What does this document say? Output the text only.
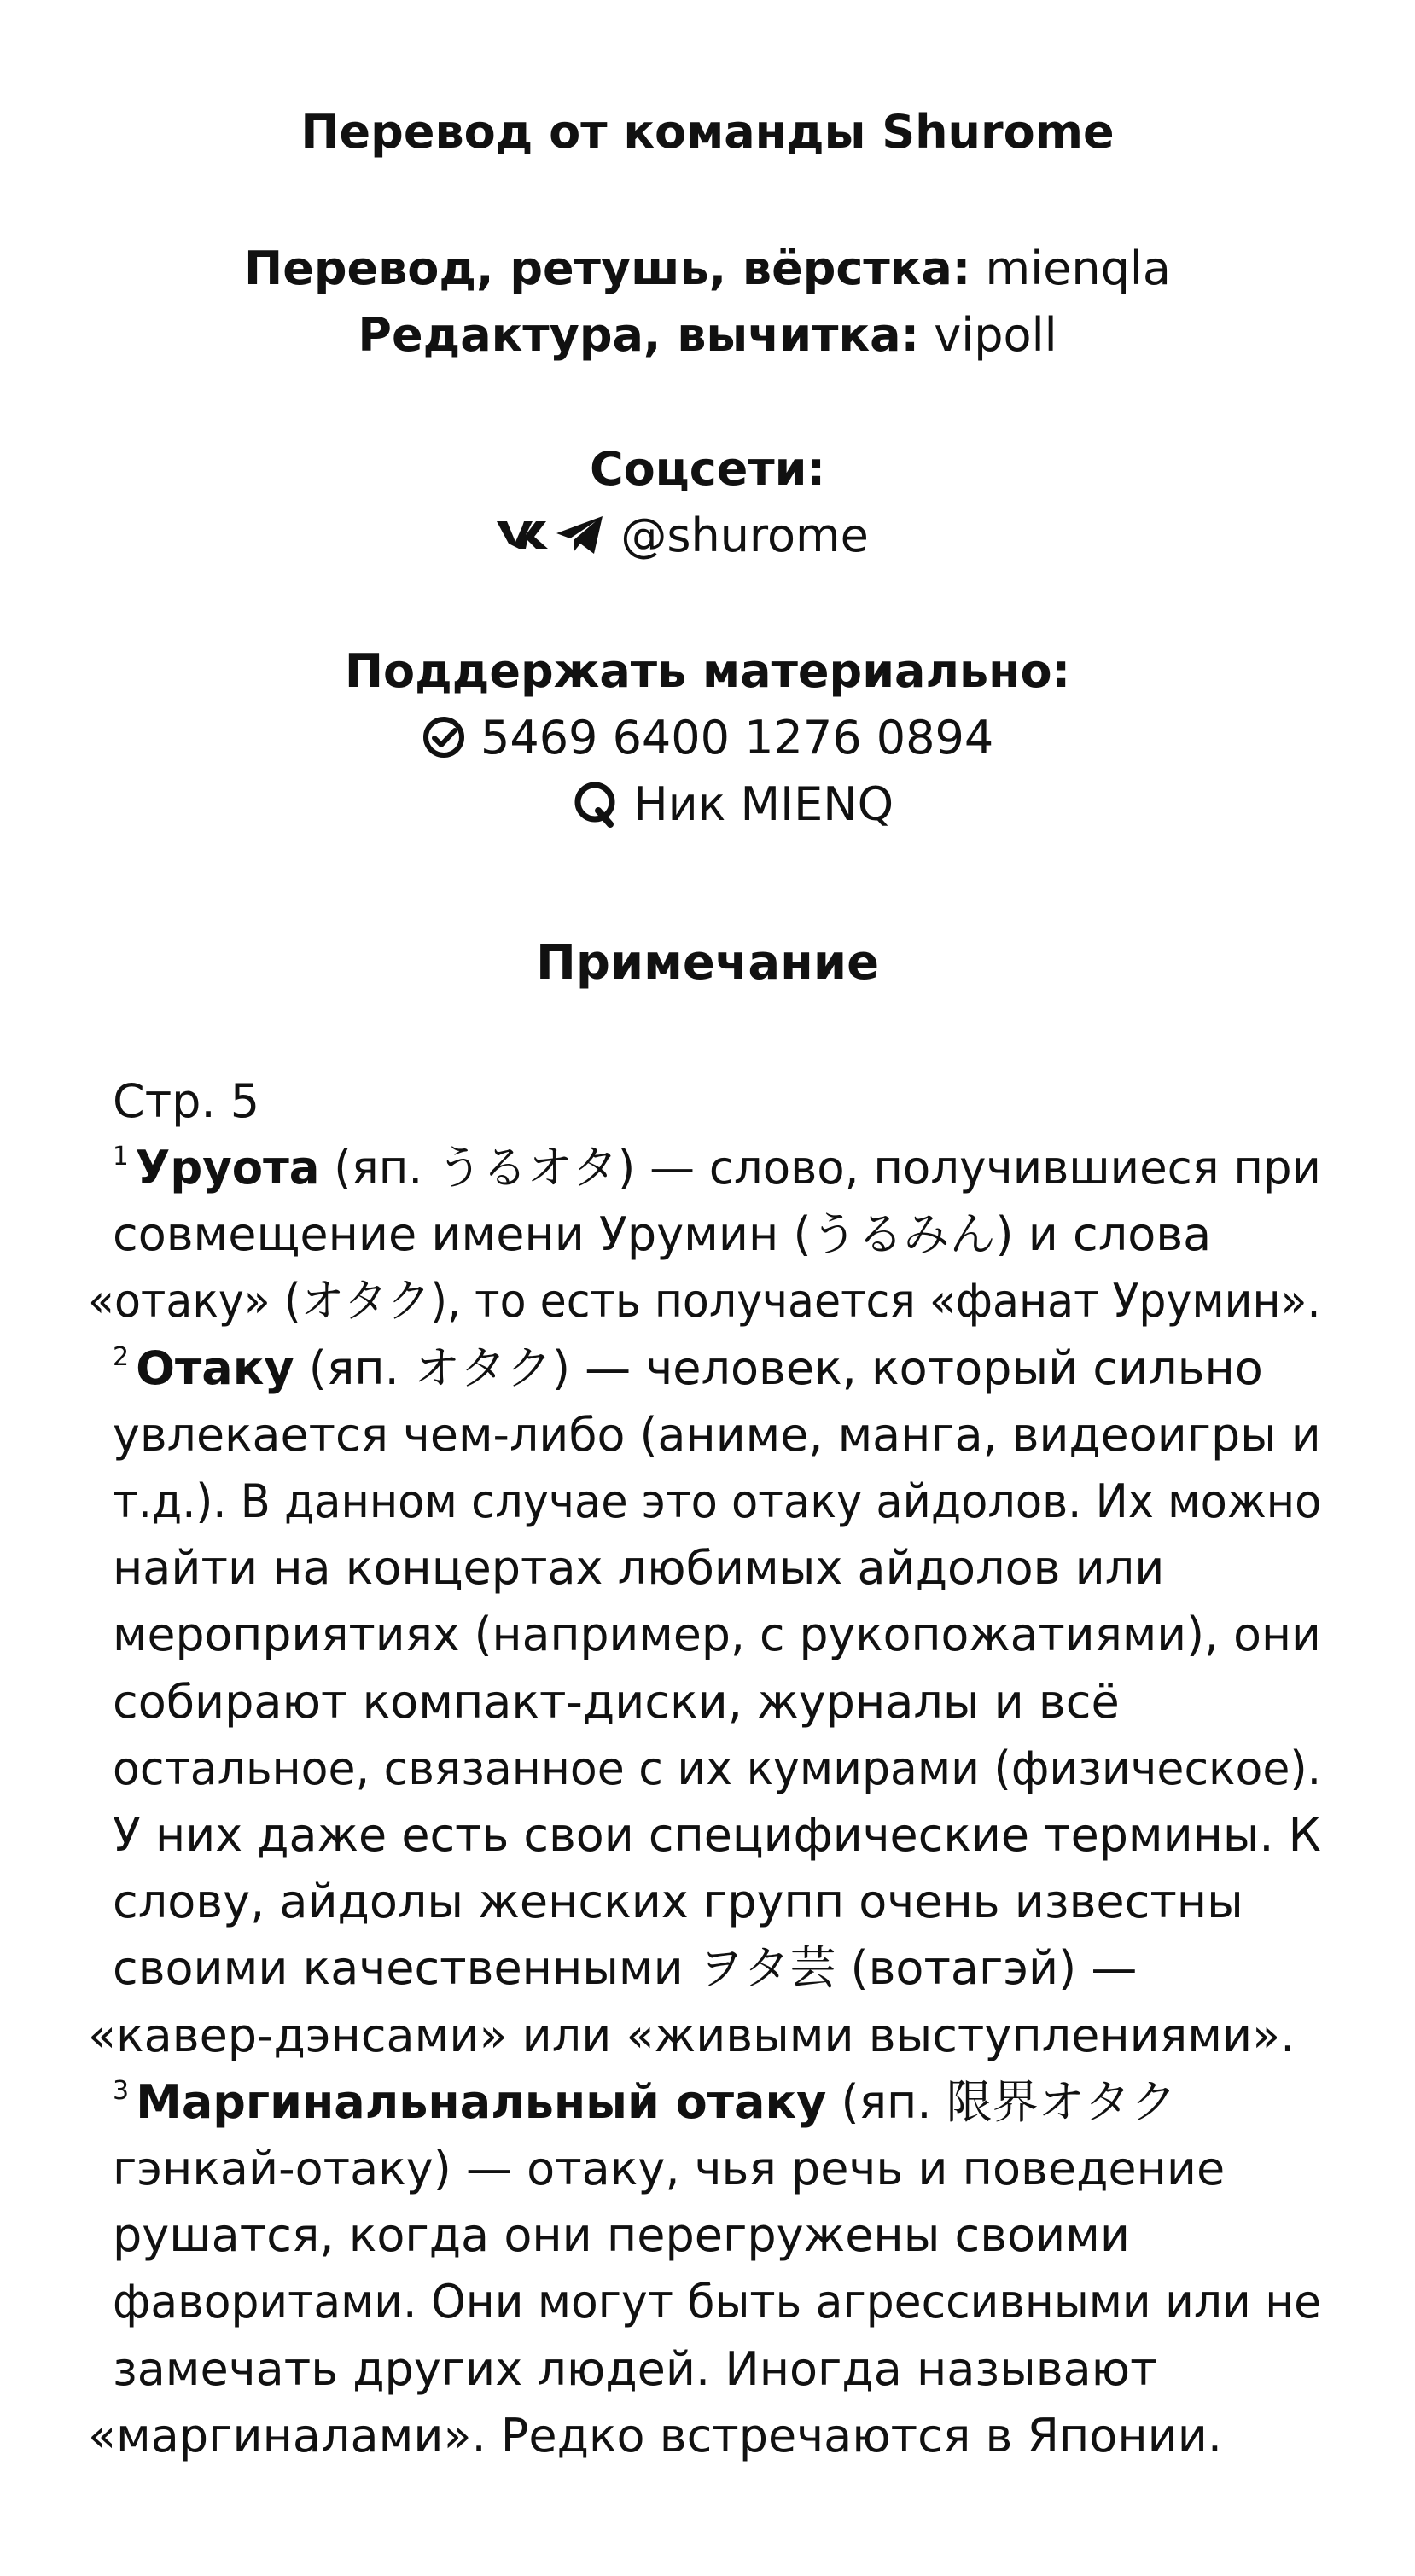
Перевод от команды Shurome
Перевод, ретушь, вёрстка: mienqla
Редактура, вычитка: vipoll
Соцсети:
@shurome
Поддержать материально:
5469 6400 1276 0894
Ник MIENQ
Примечание
Стр. 5
$^1$ Уруота (яп. うるオタ) — слово, получившиеся при
совмещение имени Урумин (うるみん) и слова
«отаку» (オタク), то есть получается «фанат Урумин».
$^2$ Отаку (яп. オタク) — человек, который сильно
увлекается чем-либо (аниме, манга, видеоигры и
т.д.). В данном случае это отаку айдолов. Их можно
найти на концертах любимых айдолов или
мероприятиях (например, с рукопожатиями), они
собирают компакт-диски, журналы и всё
остальное, связанное с их кумирами (физическое).
У них даже есть свои специфические термины. К
слову, айдолы женских групп очень известны
своими качественными ヲタ芸 (вотагэй) —
«кавер-дэнсами» или «живыми выступлениями».
$^3$ Маргинальнальный отаку (яп. 限界オタク
гэнкай-отаку) — отаку, чья речь и поведение
рушатся, когда они перегружены своими
фаворитами. Они могут быть агрессивными или не
замечать других людей. Иногда называют
«маргиналами». Редко встречаются в Японии.
